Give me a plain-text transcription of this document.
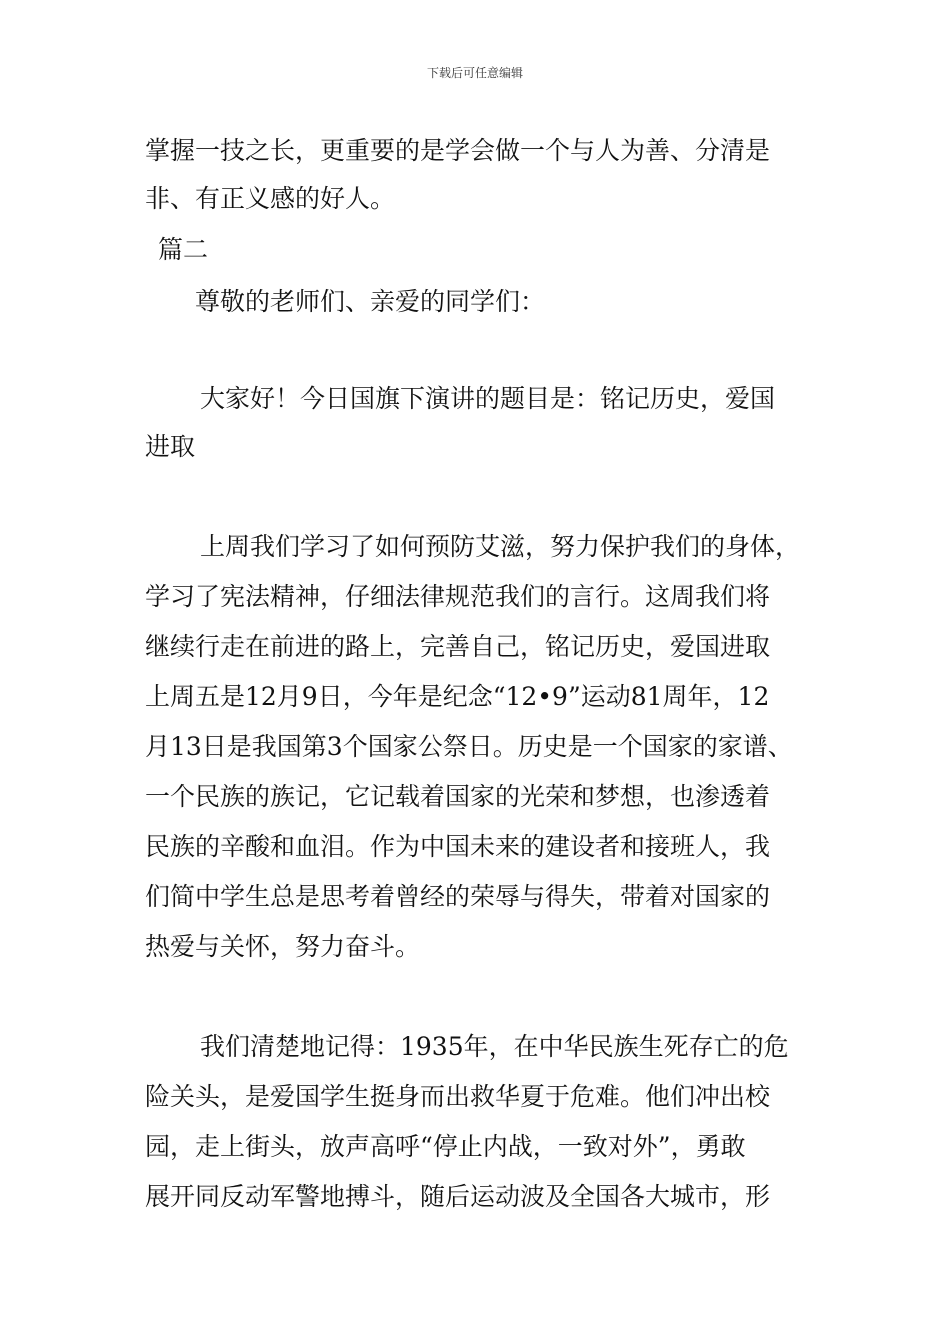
下载后可任意编辑
掌握一技之长，更重要的是学会做一个与人为善、分清是
非、有正义感的好人。
篇二
尊敬的老师们、亲爱的同学们：
大家好！今日国旗下演讲的题目是：铭记历史，爱国
进取
上周我们学习了如何预防艾滋，努力保护我们的身体，
学习了宪法精神，仔细法律规范我们的言行。这周我们将
继续行走在前进的路上，完善自己，铭记历史，爱国进取
上周五是12月9日，今年是纪念“12•9”运动81周年，12
月13日是我国第3个国家公祭日。历史是一个国家的家谱、
一个民族的族记，它记载着国家的光荣和梦想，也渗透着
民族的辛酸和血泪。作为中国未来的建设者和接班人，我
们简中学生总是思考着曾经的荣辱与得失，带着对国家的
热爱与关怀，努力奋斗。
我们清楚地记得：1935年，在中华民族生死存亡的危
险关头，是爱国学生挺身而出救华夏于危难。他们冲出校
园，走上街头，放声高呼“停止内战，一致对外”，勇敢
展开同反动军警地搏斗，随后运动波及全国各大城市，形
